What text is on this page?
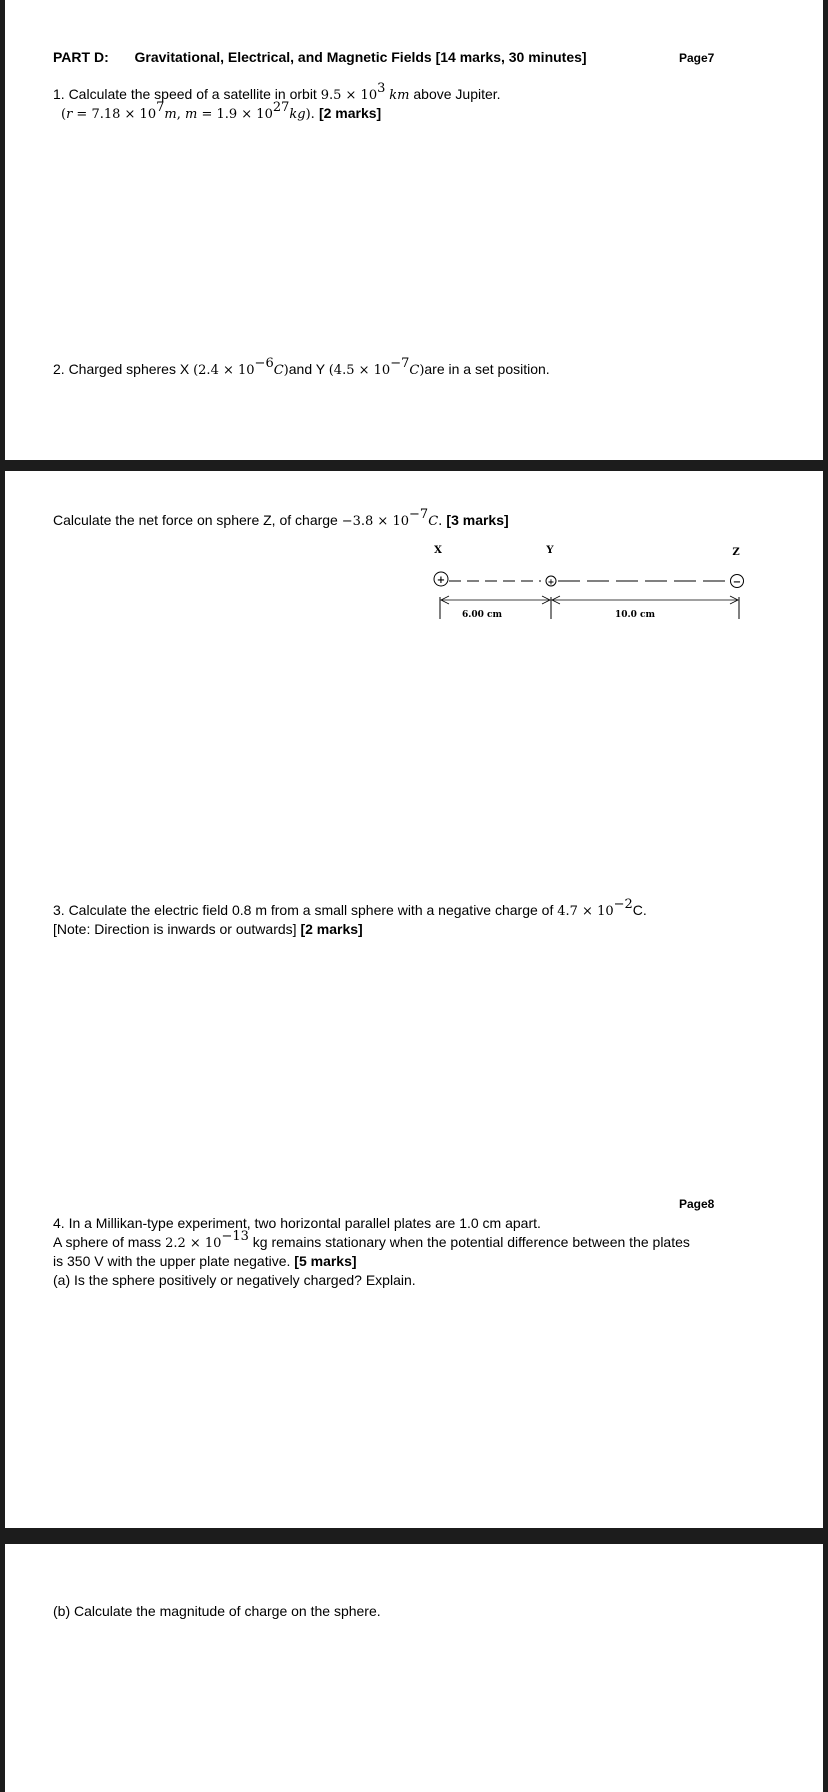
PART D: Gravitational, Electrical, and Magnetic Fields [14 marks, 30 minutes]	Page7
1. Calculate the speed of a satellite in orbit $9.5 \times 10^3$ km above Jupiter.
($r = 7.18 \times 10^7m$, $m = 1.9 \times 10^{27}kg$). [2 marks]
2. Charged spheres X $(2.4 \times 10^{-6}C)and$ Y $(4.5 \times 10^{-7}C)are$ in a set position.
Calculate the net force on sphere Z, of charge $-3.8 \times 10^{-7}C$. [3 marks]
X	Y	Z
+	+	−
6.00 cm	10.0 cm
3. Calculate the electric field 0.8 m from a small sphere with a negative charge of $4.7 \times 10^{-2}C$.
[Note: Direction is inwards or outwards] [2 marks]
Page8
4. In a Millikan-type experiment, two horizontal parallel plates are 1.0 cm apart.
A sphere of mass $2.2 \times 10^{-13}$ kg remains stationary when the potential difference between the plates
is 350 V with the upper plate negative. [5 marks]
(a) Is the sphere positively or negatively charged? Explain.
(b) Calculate the magnitude of charge on the sphere.
